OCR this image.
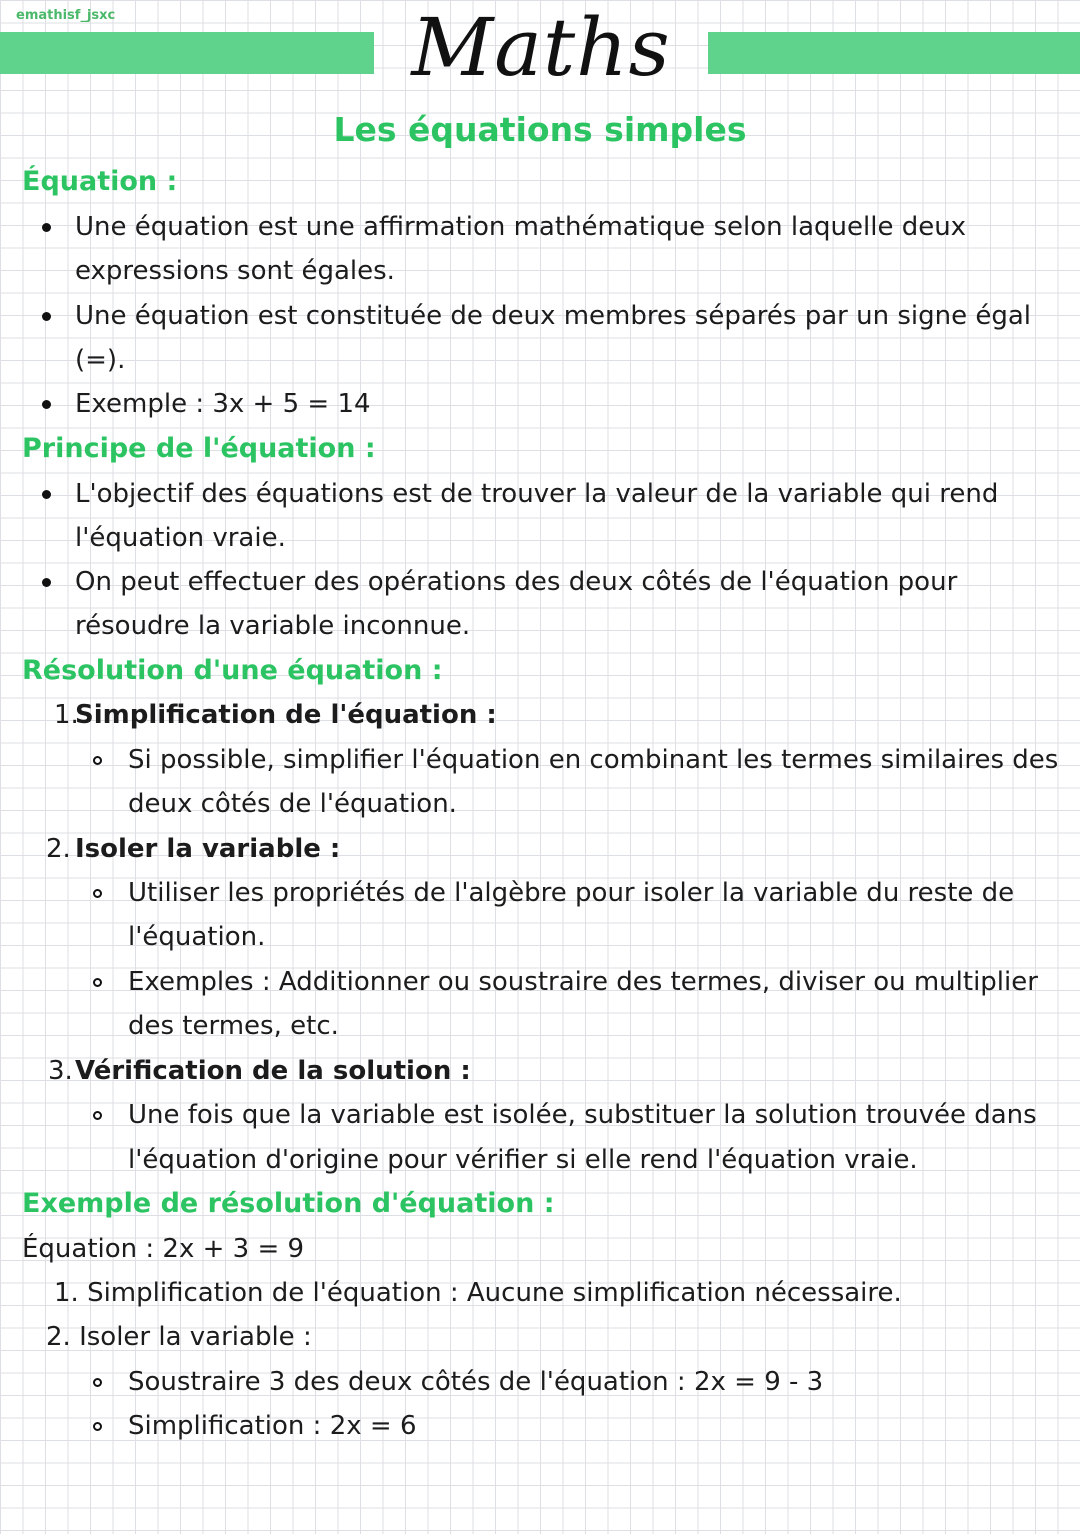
emathisf_jsxc	Maths
Les équations simples
Équation :
Une équation est une affirmation mathématique selon laquelle deux
expressions sont égales.
Une équation est constituée de deux membres séparés par un signe égal
(=).
Exemple : 3x + 5 = 14
Principe de l'équation :
L'objectif des équations est de trouver la valeur de la variable qui rend
l'équation vraie.
On peut effectuer des opérations des deux côtés de l'équation pour
résoudre la variable inconnue.
Résolution d'une équation :
1.
Simplification de l'équation :
Si possible, simplifier l'équation en combinant les termes similaires des
deux côtés de l'équation.
2. Isoler la variable :
Utiliser les propriétés de l'algèbre pour isoler la variable du reste de
l'équation.
Exemples : Additionner ou soustraire des termes, diviser ou multiplier
des termes, etc.
3. Vérification de la solution :
Une fois que la variable est isolée, substituer la solution trouvée dans
l'équation d'origine pour vérifier si elle rend l'équation vraie.
Exemple de résolution d'équation :
Équation : 2x + 3 = 9
1. Simplification de l'équation : Aucune simplification nécessaire.
2. Isoler la variable :
Soustraire 3 des deux côtés de l'équation : 2x = 9 - 3
Simplification : 2x = 6
